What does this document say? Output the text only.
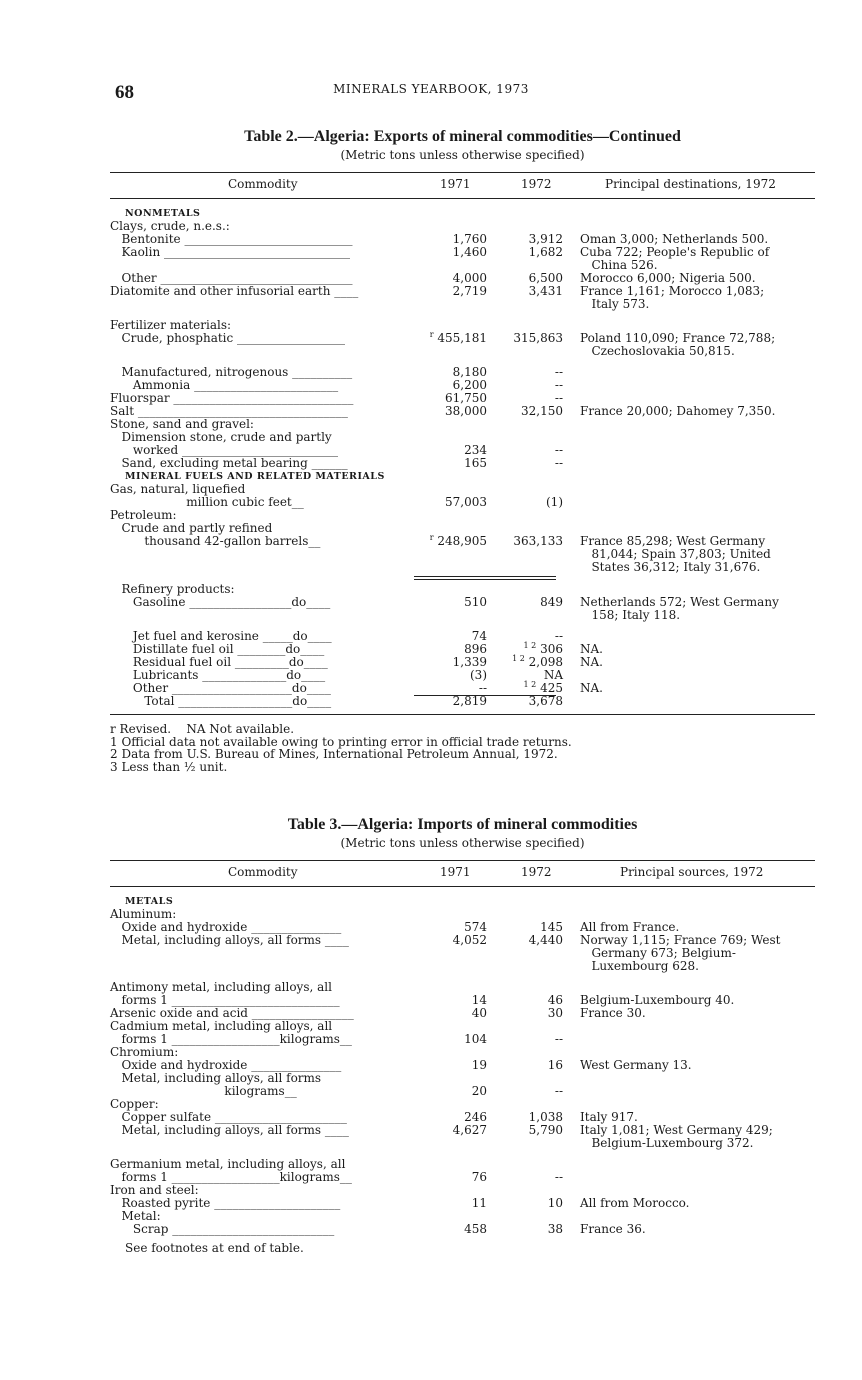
68	MINERALS YEARBOOK, 1973

Table 2.—Algeria: Exports of mineral commodities—Continued

(Metric tons unless otherwise specified)
Commodity	1971	1972	Principal destinations, 1972
NONMETALS
Clays, crude, n.e.s.:
Bentonite ____________________________	1,760	3,912 Oman 3,000; Netherlands 500.
Kaolin _______________________________	1,460	1,682 Cuba 722; People's Republic of
China 526.
Other ________________________________	4,000	6,500 Morocco 6,000; Nigeria 500.
Diatomite and other infusorial earth ____	2,719	3,431 France 1,161; Morocco 1,083;
Italy 573.
Fertilizer materials:
Crude, phosphatic __________________	$^r$ 455,181 315,863 Poland 110,090; France 72,788;
Czechoslovakia 50,815.
Manufactured, nitrogenous __________	8,180	--
Ammonia ________________________	6,200	--
Fluorspar ______________________________	61,750	--
Salt ___________________________________	38,000	32,150 France 20,000; Dahomey 7,350.
Stone, sand and gravel:
Dimension stone, crude and partly
worked __________________________	234	--
Sand, excluding metal bearing ______	165	--
MINERAL FUELS AND RELATED MATERIALS
Gas, natural, liquefied
million cubic feet__	57,003	(1)
Petroleum:
Crude and partly refined
thousand 42-gallon barrels__	$^r$ 248,905 363,133 France 85,298; West Germany
81,044; Spain 37,803; United
States 36,312; Italy 31,676.
Refinery products:
Gasoline _________________do____	510	849 Netherlands 572; West Germany
158; Italy 118.
Jet fuel and kerosine _____do____	74	--
Distillate fuel oil ________do____	896	$^{1 2}$ 306 NA.
Residual fuel oil _________do____	1,339	$^{1 2}$ 2,098 NA.
Lubricants ______________do____	(3)	NA
Other ____________________do____	--	$^{1 2}$ 425 NA.
Total ___________________do____	2,819	3,678
r Revised.    NA Not available.
1 Official data not available owing to printing error in official trade returns.
2 Data from U.S. Bureau of Mines, International Petroleum Annual, 1972.
3 Less than ½ unit.

Table 3.—Algeria: Imports of mineral commodities

(Metric tons unless otherwise specified)
Commodity	1971	1972	Principal sources, 1972
METALS
Aluminum:
Oxide and hydroxide _______________	574	145 All from France.
Metal, including alloys, all forms ____	4,052	4,440 Norway 1,115; France 769; West
Germany 673; Belgium-
Luxembourg 628.
Antimony metal, including alloys, all
forms 1 ____________________________	14	46 Belgium-Luxembourg 40.
Arsenic oxide and acid _________________	40	30 France 30.
Cadmium metal, including alloys, all
forms 1 __________________kilograms__	104	--
Chromium:
Oxide and hydroxide _______________	19	16 West Germany 13.
Metal, including alloys, all forms
kilograms__	20	--
Copper:
Copper sulfate ______________________	246	1,038 Italy 917.
Metal, including alloys, all forms ____	4,627	5,790 Italy 1,081; West Germany 429;
Belgium-Luxembourg 372.
Germanium metal, including alloys, all
forms 1 __________________kilograms__	76	--
Iron and steel:
Roasted pyrite _____________________	11	10 All from Morocco.
Metal:
Scrap ___________________________	458	38 France 36.
See footnotes at end of table.
